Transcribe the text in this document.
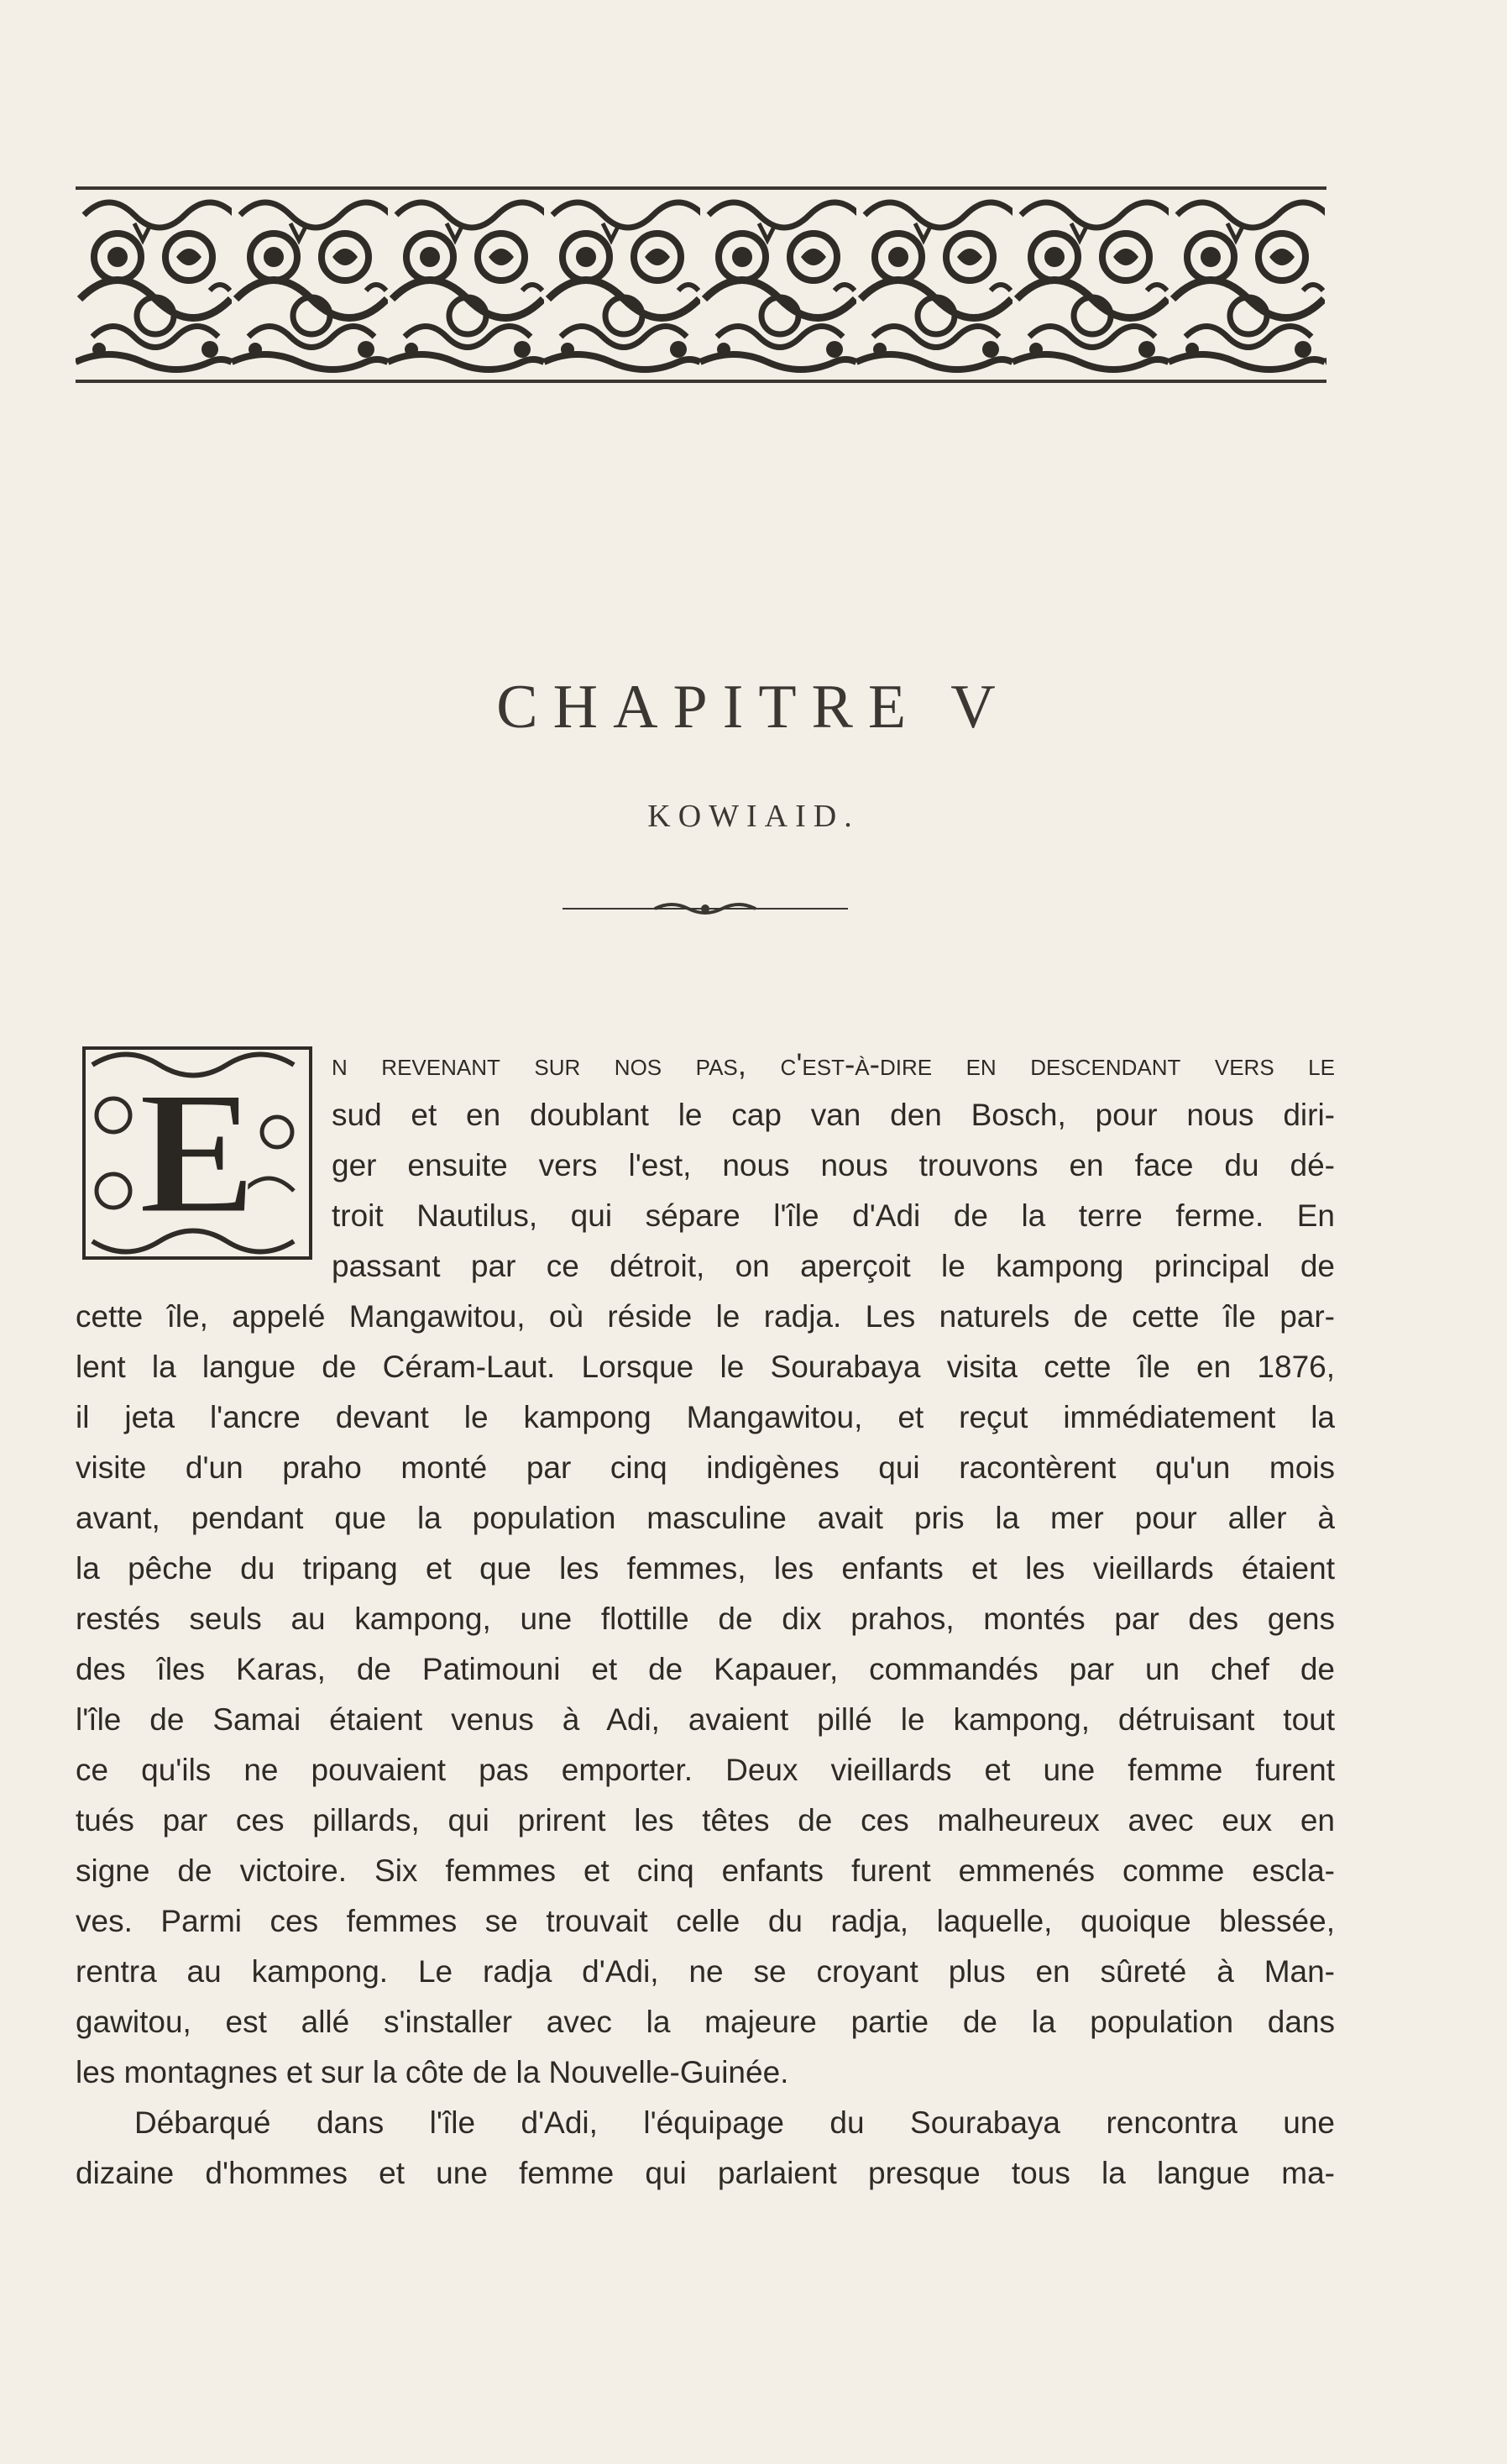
CHAPITRE V
KOWIAID.
E n revenant sur nos pas, c'est-à-dire en descendant vers le
sud et en doublant le cap van den Bosch, pour nous diri-
ger ensuite vers l'est, nous nous trouvons en face du dé-
troit Nautilus, qui sépare l'île d'Adi de la terre ferme. En
passant par ce détroit, on aperçoit le kampong principal de
cette île, appelé Mangawitou, où réside le radja. Les naturels de cette île par-
lent la langue de Céram-Laut. Lorsque le Sourabaya visita cette île en 1876,
il jeta l'ancre devant le kampong Mangawitou, et reçut immédiatement la
visite d'un praho monté par cinq indigènes qui racontèrent qu'un mois
avant, pendant que la population masculine avait pris la mer pour aller à
la pêche du tripang et que les femmes, les enfants et les vieillards étaient
restés seuls au kampong, une flottille de dix prahos, montés par des gens
des îles Karas, de Patimouni et de Kapauer, commandés par un chef de
l'île de Samai étaient venus à Adi, avaient pillé le kampong, détruisant tout
ce qu'ils ne pouvaient pas emporter. Deux vieillards et une femme furent
tués par ces pillards, qui prirent les têtes de ces malheureux avec eux en
signe de victoire. Six femmes et cinq enfants furent emmenés comme escla-
ves. Parmi ces femmes se trouvait celle du radja, laquelle, quoique blessée,
rentra au kampong. Le radja d'Adi, ne se croyant plus en sûreté à Man-
gawitou, est allé s'installer avec la majeure partie de la population dans
les montagnes et sur la côte de la Nouvelle-Guinée.
Débarqué dans l'île d'Adi, l'équipage du Sourabaya rencontra une
dizaine d'hommes et une femme qui parlaient presque tous la langue ma-
